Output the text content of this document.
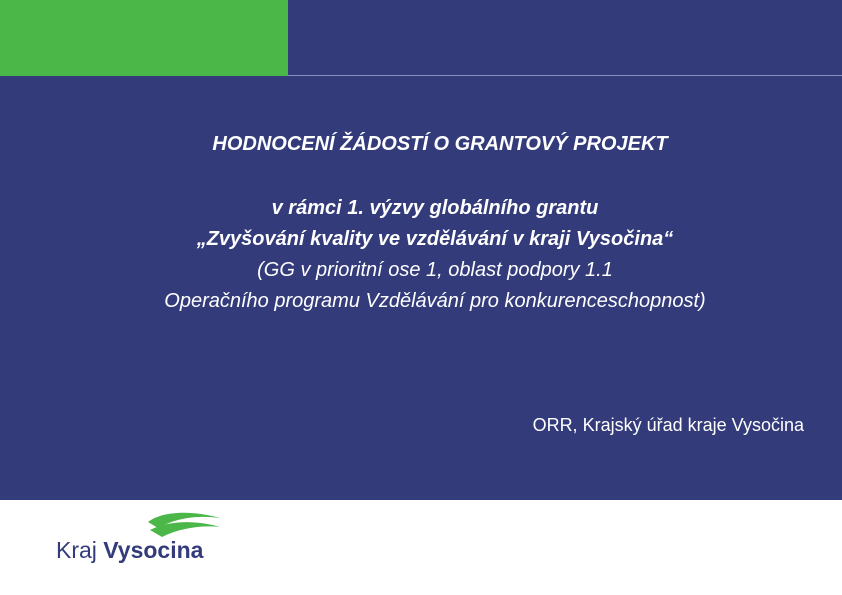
HODNOCENÍ ŽÁDOSTÍ O GRANTOVÝ PROJEKT
v rámci 1. výzvy globálního grantu
„Zvyšování kvality ve vzdělávání v kraji Vysočina“
(GG v prioritní ose 1, oblast podpory 1.1
Operačního programu Vzdělávání pro konkurenceschopnost)
ORR, Krajský úřad kraje Vysočina
Kraj Vysocina
